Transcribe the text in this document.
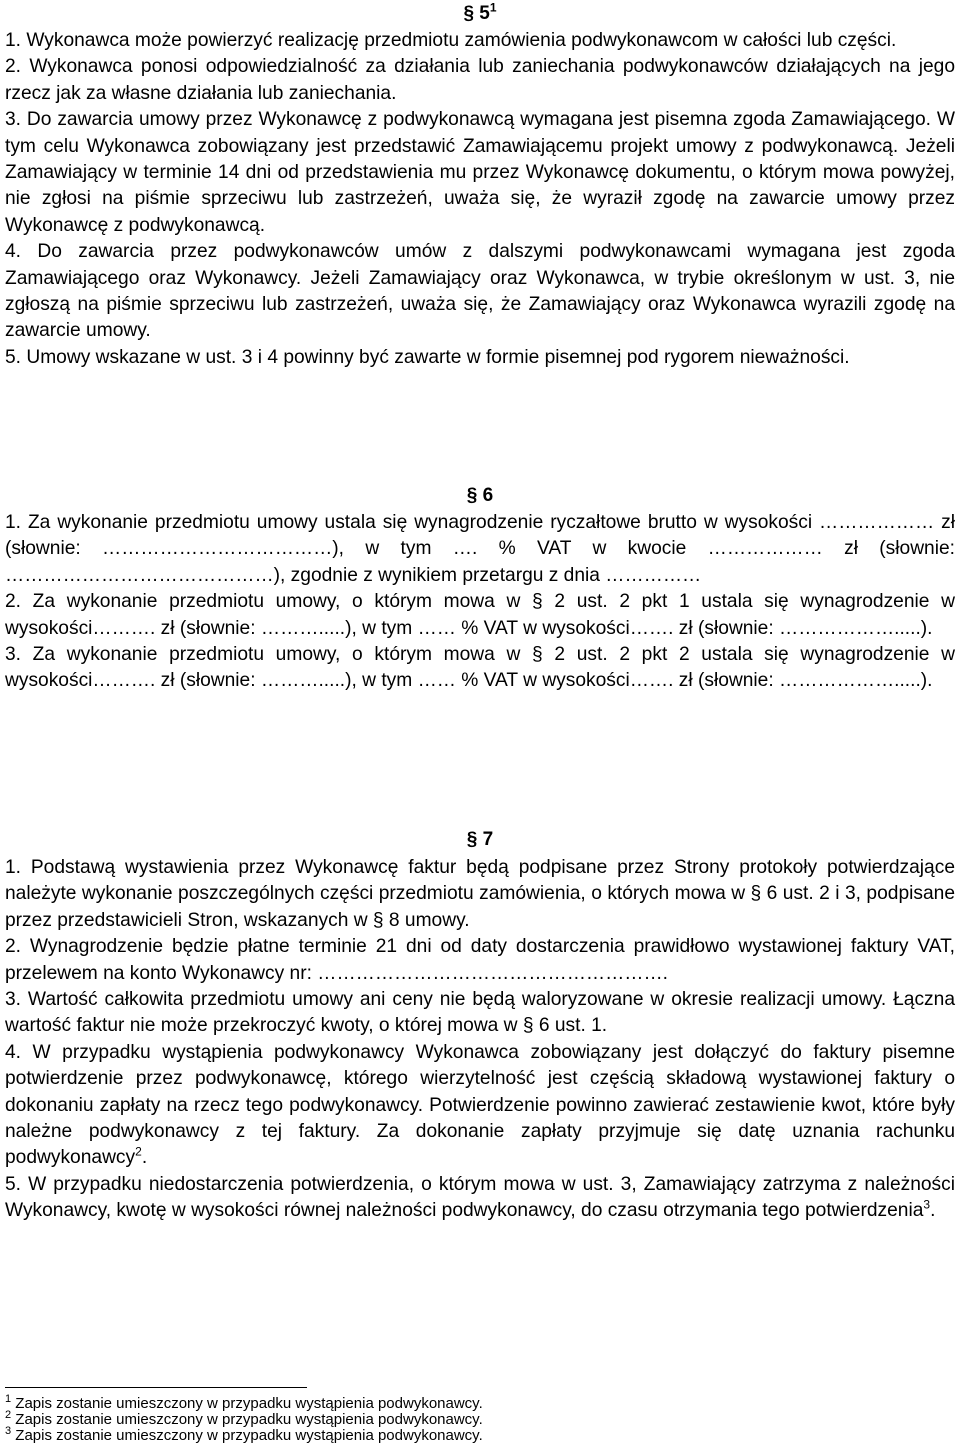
§ $5^1$

1. Wykonawca może powierzyć realizację przedmiotu zamówienia podwykonawcom w całości lub części.

2. Wykonawca ponosi odpowiedzialność za działania lub zaniechania podwykonawców działających na jego rzecz jak za własne działania lub zaniechania.

3. Do zawarcia umowy przez Wykonawcę z podwykonawcą wymagana jest pisemna zgoda Zamawiającego. W tym celu Wykonawca zobowiązany jest przedstawić Zamawiającemu projekt umowy z podwykonawcą. Jeżeli Zamawiający w terminie 14 dni od przedstawienia mu przez Wykonawcę dokumentu, o którym mowa powyżej, nie zgłosi na piśmie sprzeciwu lub zastrzeżeń, uważa się, że wyraził zgodę na zawarcie umowy przez Wykonawcę z podwykonawcą.

4. Do zawarcia przez podwykonawców umów z dalszymi podwykonawcami wymagana jest zgoda Zamawiającego oraz Wykonawcy. Jeżeli Zamawiający oraz Wykonawca, w trybie określonym w ust. 3, nie zgłoszą na piśmie sprzeciwu lub zastrzeżeń, uważa się, że Zamawiający oraz Wykonawca wyrazili zgodę na zawarcie umowy.

5. Umowy wskazane w ust. 3 i 4 powinny być zawarte w formie pisemnej pod rygorem nieważności.

§ 6

1. Za wykonanie przedmiotu umowy ustala się wynagrodzenie ryczałtowe brutto w wysokości ……………… zł (słownie: ………………………………), w tym …. % VAT w kwocie ……………… zł (słownie: ……………………………………), zgodnie z wynikiem przetargu z dnia ……………

2. Za wykonanie przedmiotu umowy, o którym mowa w § 2 ust. 2 pkt 1 ustala się wynagrodzenie w wysokości………. zł (słownie: ……….....), w tym …… % VAT w wysokości……. zł (słownie: ……………….....).

3. Za wykonanie przedmiotu umowy, o którym mowa w § 2 ust. 2 pkt 2 ustala się wynagrodzenie w wysokości………. zł (słownie: ……….....), w tym …… % VAT w wysokości……. zł (słownie: ……………….....).

§ 7

1. Podstawą wystawienia przez Wykonawcę faktur będą podpisane przez Strony protokoły potwierdzające należyte wykonanie poszczególnych części przedmiotu zamówienia, o których mowa w § 6 ust. 2 i 3, podpisane przez przedstawicieli Stron, wskazanych w § 8 umowy.

2. Wynagrodzenie będzie płatne terminie 21 dni od daty dostarczenia prawidłowo wystawionej faktury VAT, przelewem na konto Wykonawcy nr: ……………………………………………….

3. Wartość całkowita przedmiotu umowy ani ceny nie będą waloryzowane w okresie realizacji umowy. Łączna wartość faktur nie może przekroczyć kwoty, o której mowa w § 6 ust. 1.

4. W przypadku wystąpienia podwykonawcy Wykonawca zobowiązany jest dołączyć do faktury pisemne potwierdzenie przez podwykonawcę, którego wierzytelność jest częścią składową wystawionej faktury o dokonaniu zapłaty na rzecz tego podwykonawcy. Potwierdzenie powinno zawierać zestawienie kwot, które były należne podwykonawcy z tej faktury. Za dokonanie zapłaty przyjmuje się datę uznania rachunku podwykonawcy$^2$.

5. W przypadku niedostarczenia potwierdzenia, o którym mowa w ust. 3, Zamawiający zatrzyma z należności Wykonawcy, kwotę w wysokości równej należności podwykonawcy, do czasu otrzymania tego potwierdzenia$^3$.

$^1$ Zapis zostanie umieszczony w przypadku wystąpienia podwykonawcy.

$^2$ Zapis zostanie umieszczony w przypadku wystąpienia podwykonawcy.

$^3$ Zapis zostanie umieszczony w przypadku wystąpienia podwykonawcy.
